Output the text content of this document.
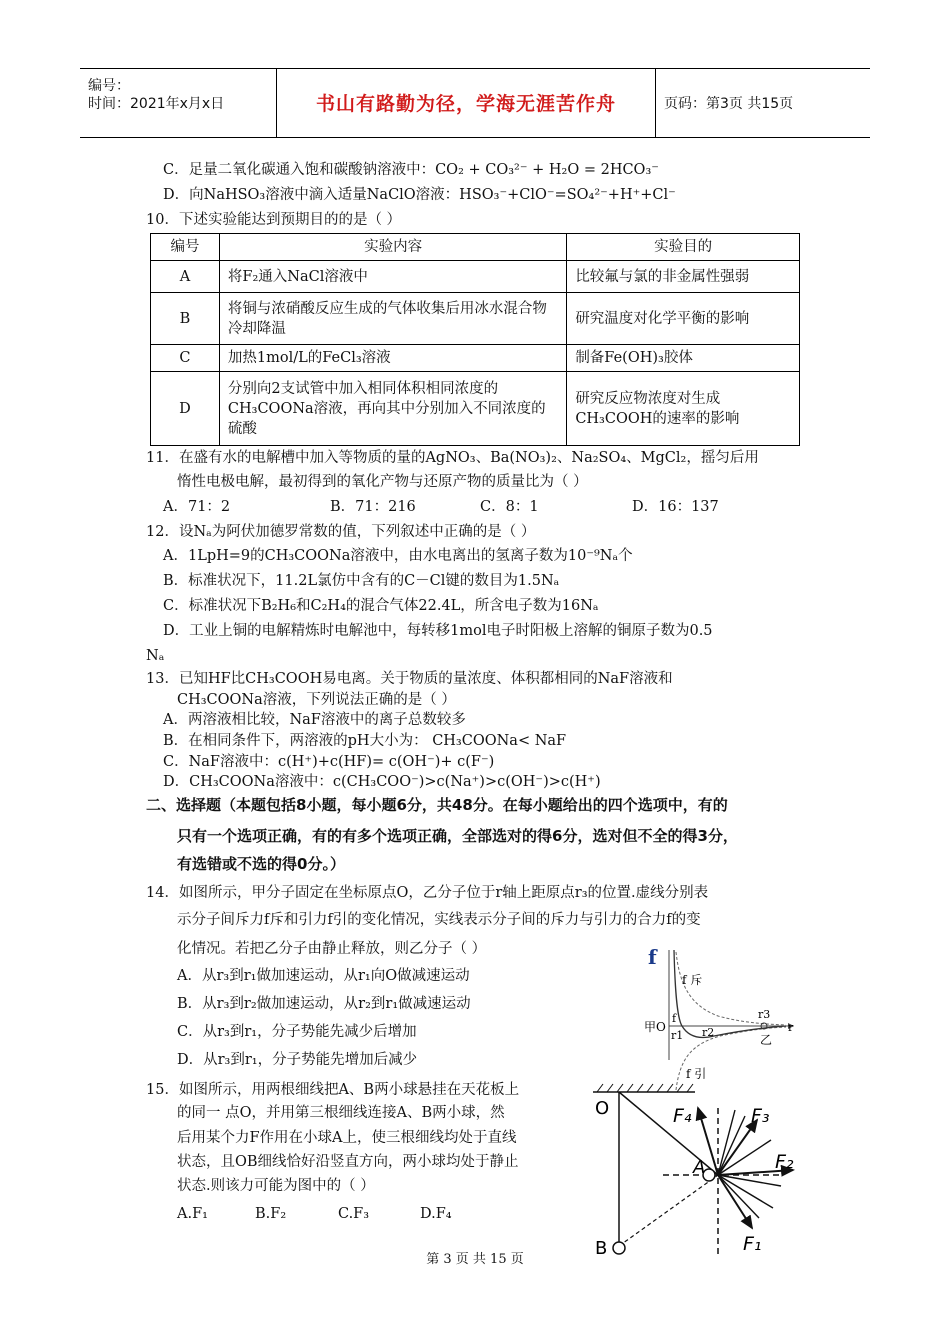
编号：
时间：2021年x月x日	书山有路勤为径，学海无涯苦作舟	页码：第3页 共15页
C．足量二氧化碳通入饱和碳酸钠溶液中：CO₂ + CO₃²⁻ + H₂O = 2HCO₃⁻
D．向NaHSO₃溶液中滴入适量NaClO溶液：HSO₃⁻+ClO⁻=SO₄²⁻+H⁺+Cl⁻
10．下述实验能达到预期目的的是（ ）
编号	实验内容	实验目的
A	将F₂通入NaCl溶液中	比较氟与氯的非金属性强弱
B	将铜与浓硝酸反应生成的气体收集后用冰水混合物冷却降温	研究温度对化学平衡的影响
C	加热1mol/L的FeCl₃溶液	制备Fe(OH)₃胶体
D	分别向2支试管中加入相同体积相同浓度的CH₃COONa溶液，再向其中分别加入不同浓度的硫酸	研究反应物浓度对生成CH₃COOH的速率的影响
11．在盛有水的电解槽中加入等物质的量的AgNO₃、Ba(NO₃)₂、Na₂SO₄、MgCl₂，摇匀后用
惰性电极电解，最初得到的氧化产物与还原产物的质量比为（ ）
A．71：2	B．71：216	C．8：1	D．16：137
12．设Nₐ为阿伏加德罗常数的值，下列叙述中正确的是（ ）
A．1LpH=9的CH₃COONa溶液中，由水电离出的氢离子数为10⁻⁹Nₐ个
B．标准状况下，11.2L氯仿中含有的C－Cl键的数目为1.5Nₐ
C．标准状况下B₂H₆和C₂H₄的混合气体22.4L，所含电子数为16Nₐ
D．工业上铜的电解精炼时电解池中，每转移1mol电子时阳极上溶解的铜原子数为0.5
Nₐ
13．已知HF比CH₃COOH易电离。关于物质的量浓度、体积都相同的NaF溶液和
CH₃COONa溶液，下列说法正确的是（ ）
A．两溶液相比较，NaF溶液中的离子总数较多
B．在相同条件下，两溶液的pH大小为： CH₃COONa< NaF
C．NaF溶液中：c(H⁺)+c(HF)= c(OH⁻)+ c(F⁻)
D．CH₃COONa溶液中：c(CH₃COO⁻)>c(Na⁺)>c(OH⁻)>c(H⁺)
二、选择题（本题包括8小题，每小题6分，共48分。在每小题给出的四个选项中，有的
只有一个选项正确，有的有多个选项正确，全部选对的得6分，选对但不全的得3分，
有选错或不选的得0分。）
14．如图所示，甲分子固定在坐标原点O，乙分子位于r轴上距原点r₃的位置.虚线分别表
示分子间斥力f斥和引力f引的变化情况，实线表示分子间的斥力与引力的合力f的变
化情况。若把乙分子由静止释放，则乙分子（ ）
A．从r₃到r₁做加速运动，从r₁向O做减速运动
B．从r₃到r₂做加速运动，从r₂到r₁做减速运动
C．从r₃到r₁，分子势能先减少后增加
D．从r₃到r₁，分子势能先增加后减少
f
f 斥
f	r3
甲O
r1 r2	r
乙
f 引
15．如图所示，用两根细线把A、B两小球悬挂在天花板上
的同一 点O，并用第三根细线连接A、B两小球，然
后用某个力F作用在小球A上，使三根细线均处于直线
状态，且OB细线恰好沿竖直方向，两小球均处于静止
状态.则该力可能为图中的（ ）
A.F₁	B.F₂	C.F₃	D.F₄
O
A
B	F₁
F₂
F₃
F₄
第 3 页 共 15 页
